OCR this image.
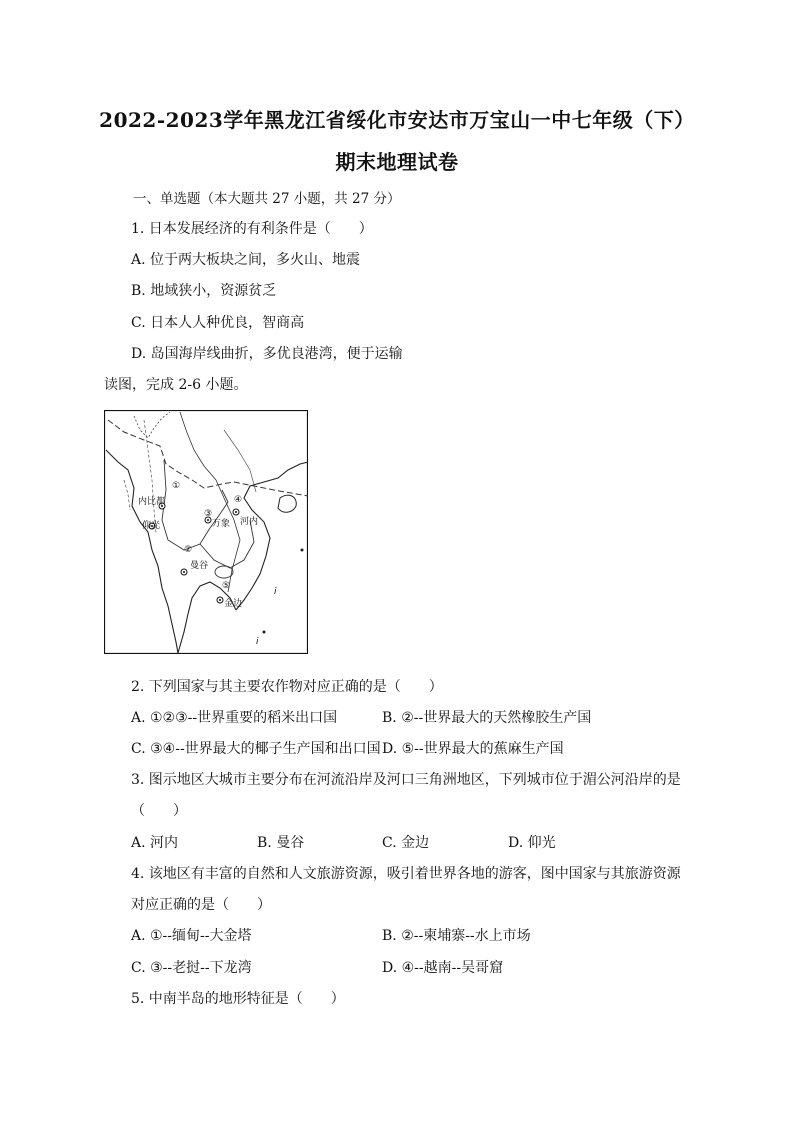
2022-2023学年黑龙江省绥化市安达市万宝山一中七年级（下）
期末地理试卷
一、单选题（本大题共 27 小题，共 27 分）
1. 日本发展经济的有利条件是（　　）
A. 位于两大板块之间，多火山、地震
B. 地域狭小，资源贫乏
C. 日本人人种优良，智商高
D. 岛国海岸线曲折，多优良港湾，便于运输
读图，完成 2-6 小题。
①
内比都
仰光
③
万象
④
河内
②
曼谷
⑤
金边
i
i
2. 下列国家与其主要农作物对应正确的是（　　）
A. ①②③--世界重要的稻米出口国	B. ②--世界最大的天然橡胶生产国
C. ③④--世界最大的椰子生产国和出口国 D. ⑤--世界最大的蕉麻生产国
3. 图示地区大城市主要分布在河流沿岸及河口三角洲地区，下列城市位于湄公河沿岸的是
（　　）
A. 河内	B. 曼谷	C. 金边	D. 仰光
4. 该地区有丰富的自然和人文旅游资源，吸引着世界各地的游客，图中国家与其旅游资源
对应正确的是（　　）
A. ①--缅甸--大金塔	B. ②--柬埔寨--水上市场
C. ③--老挝--下龙湾	D. ④--越南--吴哥窟
5. 中南半岛的地形特征是（　　）
